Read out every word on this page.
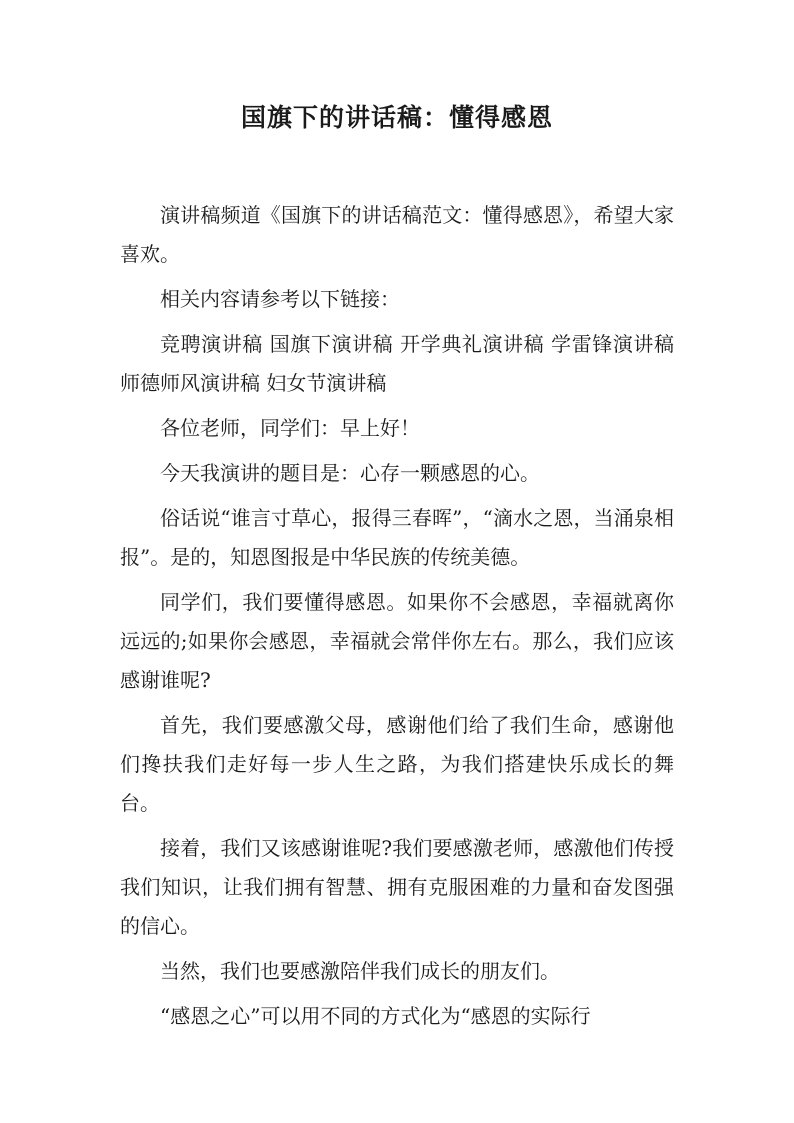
国旗下的讲话稿：懂得感恩

演讲稿频道《国旗下的讲话稿范文：懂得感恩》，希望大家喜欢。

相关内容请参考以下链接：

竞聘演讲稿 国旗下演讲稿 开学典礼演讲稿 学雷锋演讲稿 师德师风演讲稿 妇女节演讲稿

各位老师，同学们：早上好！

今天我演讲的题目是：心存一颗感恩的心。

俗话说“谁言寸草心，报得三春晖”，“滴水之恩，当涌泉相报”。是的，知恩图报是中华民族的传统美德。

同学们，我们要懂得感恩。如果你不会感恩，幸福就离你远远的;如果你会感恩，幸福就会常伴你左右。那么，我们应该感谢谁呢?

首先，我们要感激父母，感谢他们给了我们生命，感谢他们搀扶我们走好每一步人生之路，为我们搭建快乐成长的舞台。

接着，我们又该感谢谁呢?我们要感激老师，感激他们传授我们知识，让我们拥有智慧、拥有克服困难的力量和奋发图强的信心。

当然，我们也要感激陪伴我们成长的朋友们。

“感恩之心”可以用不同的方式化为“感恩的实际行
